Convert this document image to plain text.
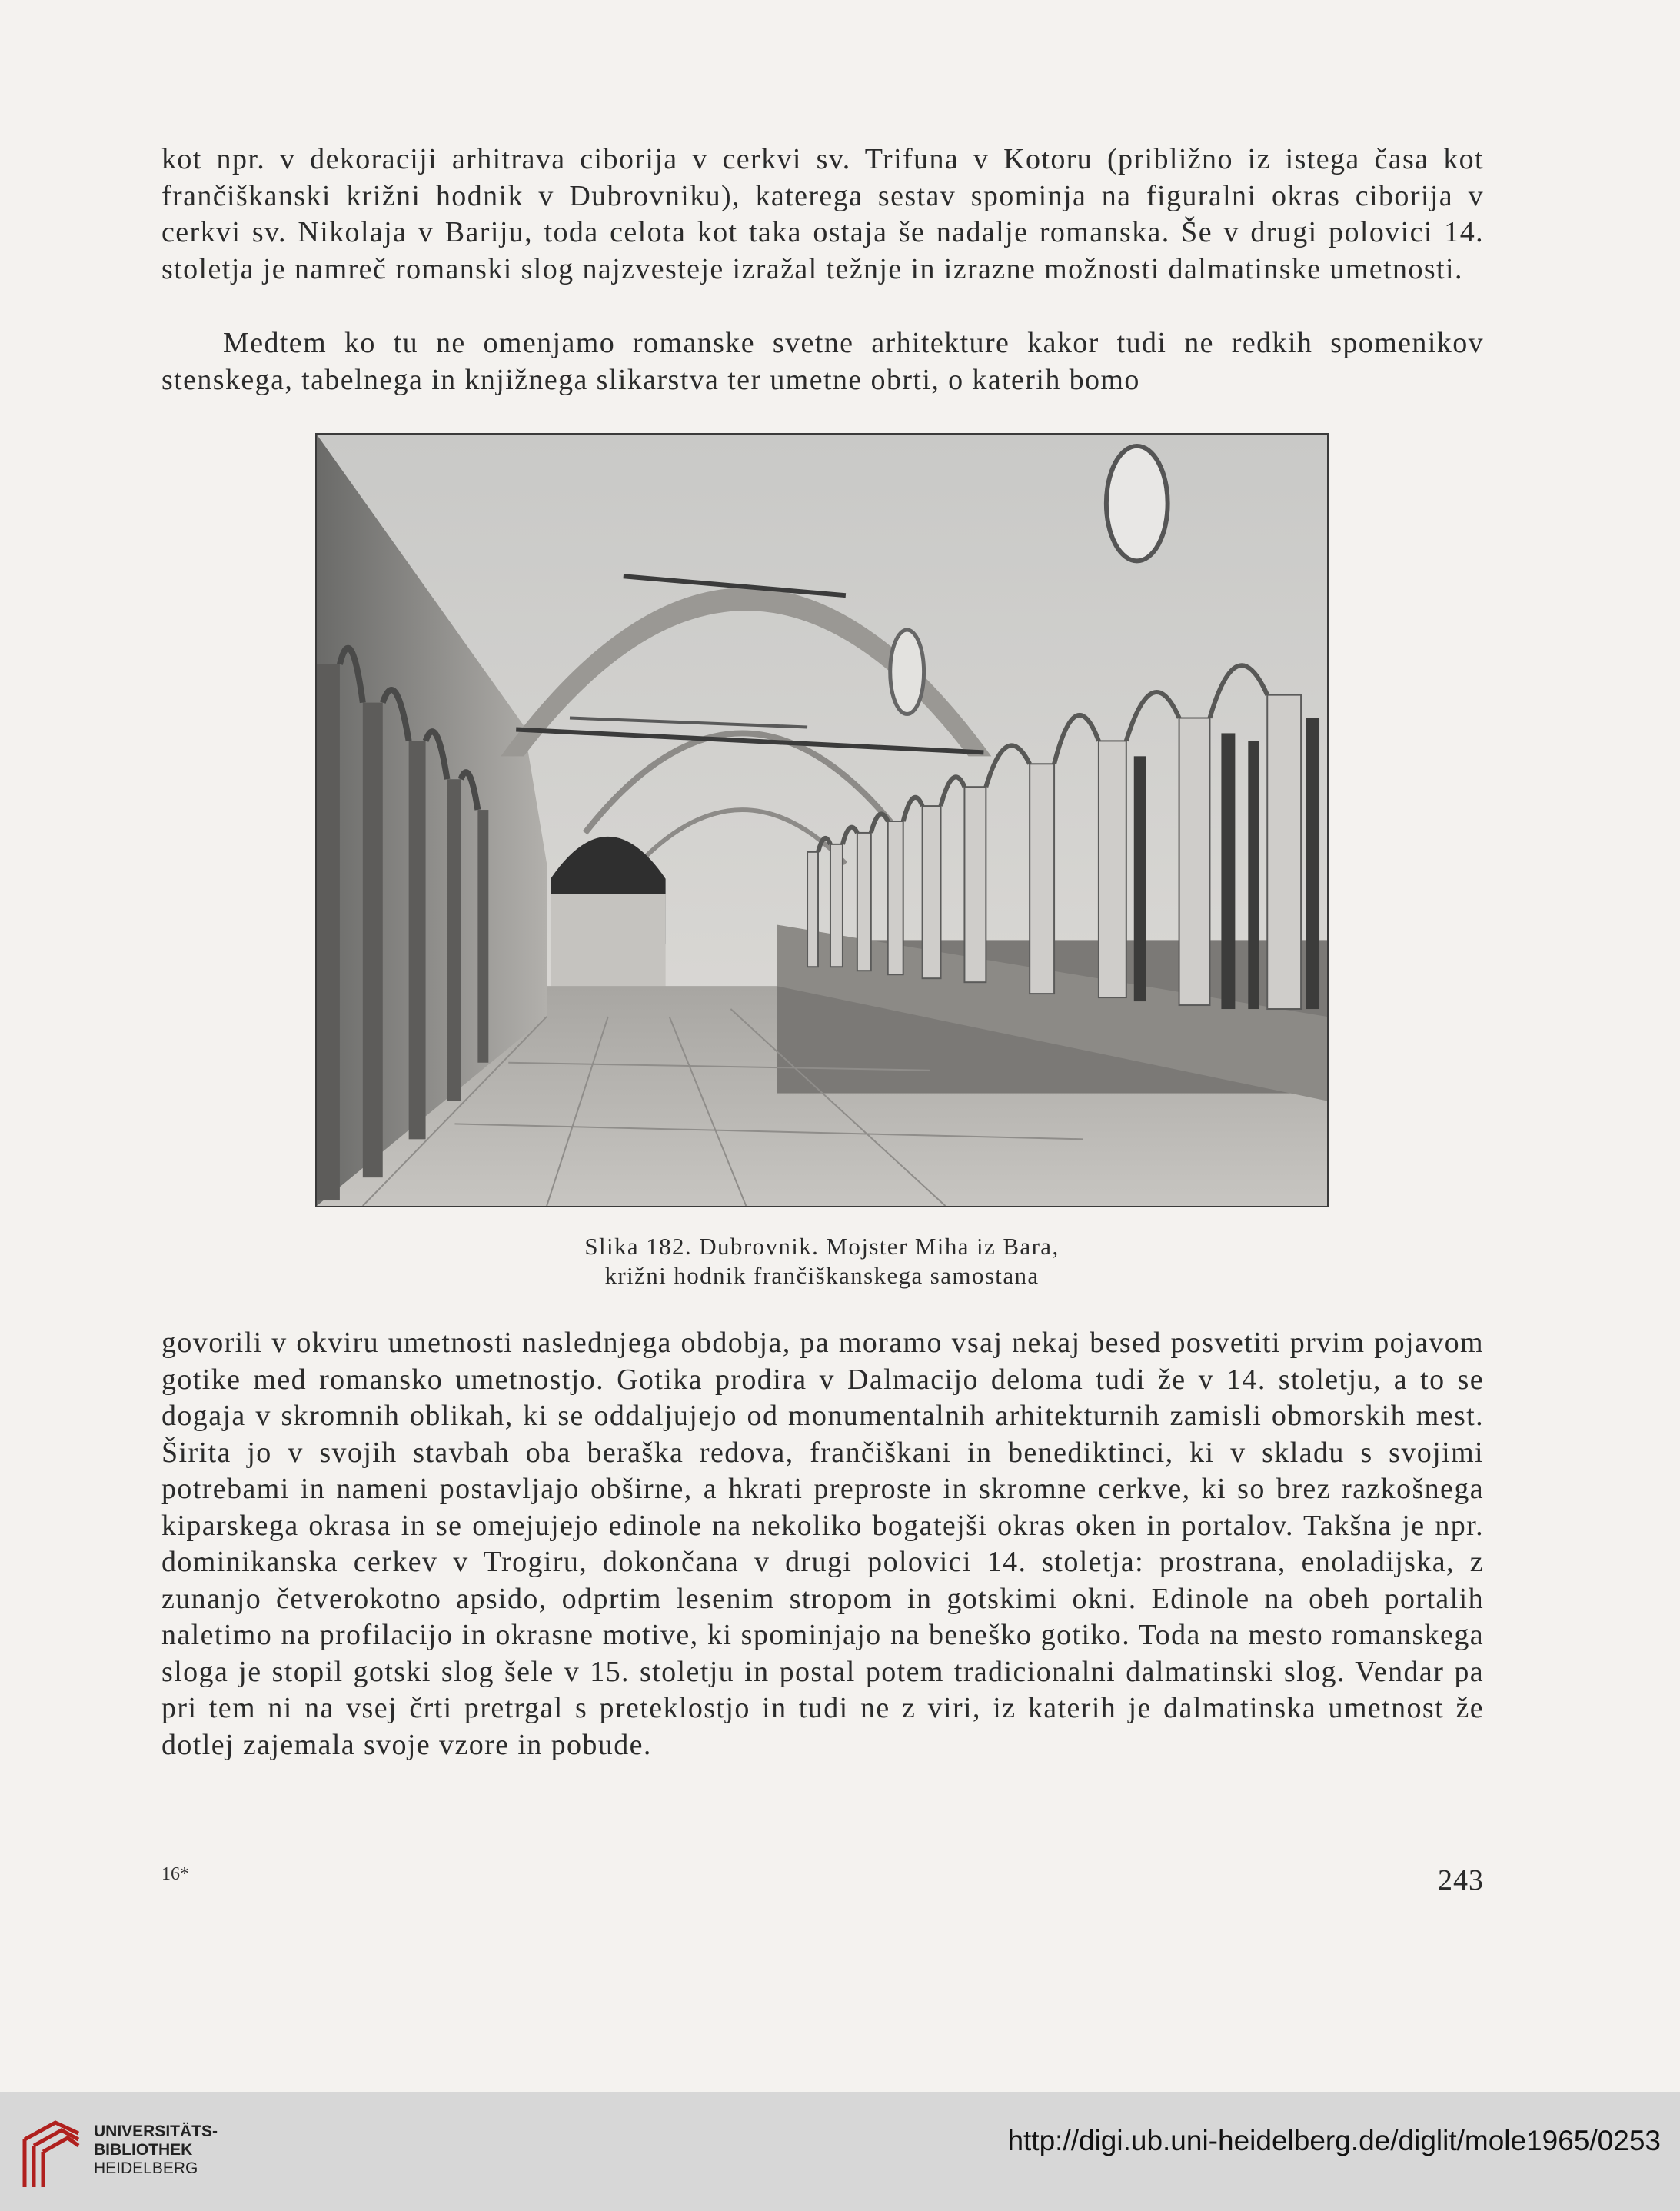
kot npr. v dekoraciji arhitrava ciborija v cerkvi sv. Trifuna v Kotoru (približno iz istega časa kot frančiškanski križni hodnik v Dubrovniku), katerega sestav spominja na figuralni okras ciborija v cerkvi sv. Nikolaja v Bariju, toda celota kot taka ostaja še nadalje romanska. Še v drugi polovici 14. stoletja je namreč romanski slog najzvesteje izražal težnje in izrazne možnosti dalmatinske umetnosti.

Medtem ko tu ne omenjamo romanske svetne arhitekture kakor tudi ne redkih spomenikov stenskega, tabelnega in knjižnega slikarstva ter umetne obrti, o katerih bomo

Slika 182. Dubrovnik. Mojster Miha iz Bara,
križni hodnik frančiškanskega samostana

govorili v okviru umetnosti naslednjega obdobja, pa moramo vsaj nekaj besed posvetiti prvim pojavom gotike med romansko umetnostjo. Gotika prodira v Dalmacijo deloma tudi že v 14. stoletju, a to se dogaja v skromnih oblikah, ki se oddaljujejo od monumentalnih arhitekturnih zamisli obmorskih mest. Širita jo v svojih stavbah oba beraška redova, frančiškani in benediktinci, ki v skladu s svojimi potrebami in nameni postavljajo obširne, a hkrati preproste in skromne cerkve, ki so brez razkošnega kiparskega okrasa in se omejujejo edinole na nekoliko bogatejši okras oken in portalov. Takšna je npr. dominikanska cerkev v Trogiru, dokončana v drugi polovici 14. stoletja: prostrana, enoladijska, z zunanjo četverokotno apsido, odprtim lesenim stropom in gotskimi okni. Edinole na obeh portalih naletimo na profilacijo in okrasne motive, ki spominjajo na beneško gotiko. Toda na mesto romanskega sloga je stopil gotski slog šele v 15. stoletju in postal potem tradicionalni dalmatinski slog. Vendar pa pri tem ni na vsej črti pretrgal s preteklostjo in tudi ne z viri, iz katerih je dalmatinska umetnost že dotlej zajemala svoje vzore in pobude.

16*	243
UNIVERSITÄTS-
BIBLIOTHEK
HEIDELBERG
http://digi.ub.uni-heidelberg.de/diglit/mole1965/0253
